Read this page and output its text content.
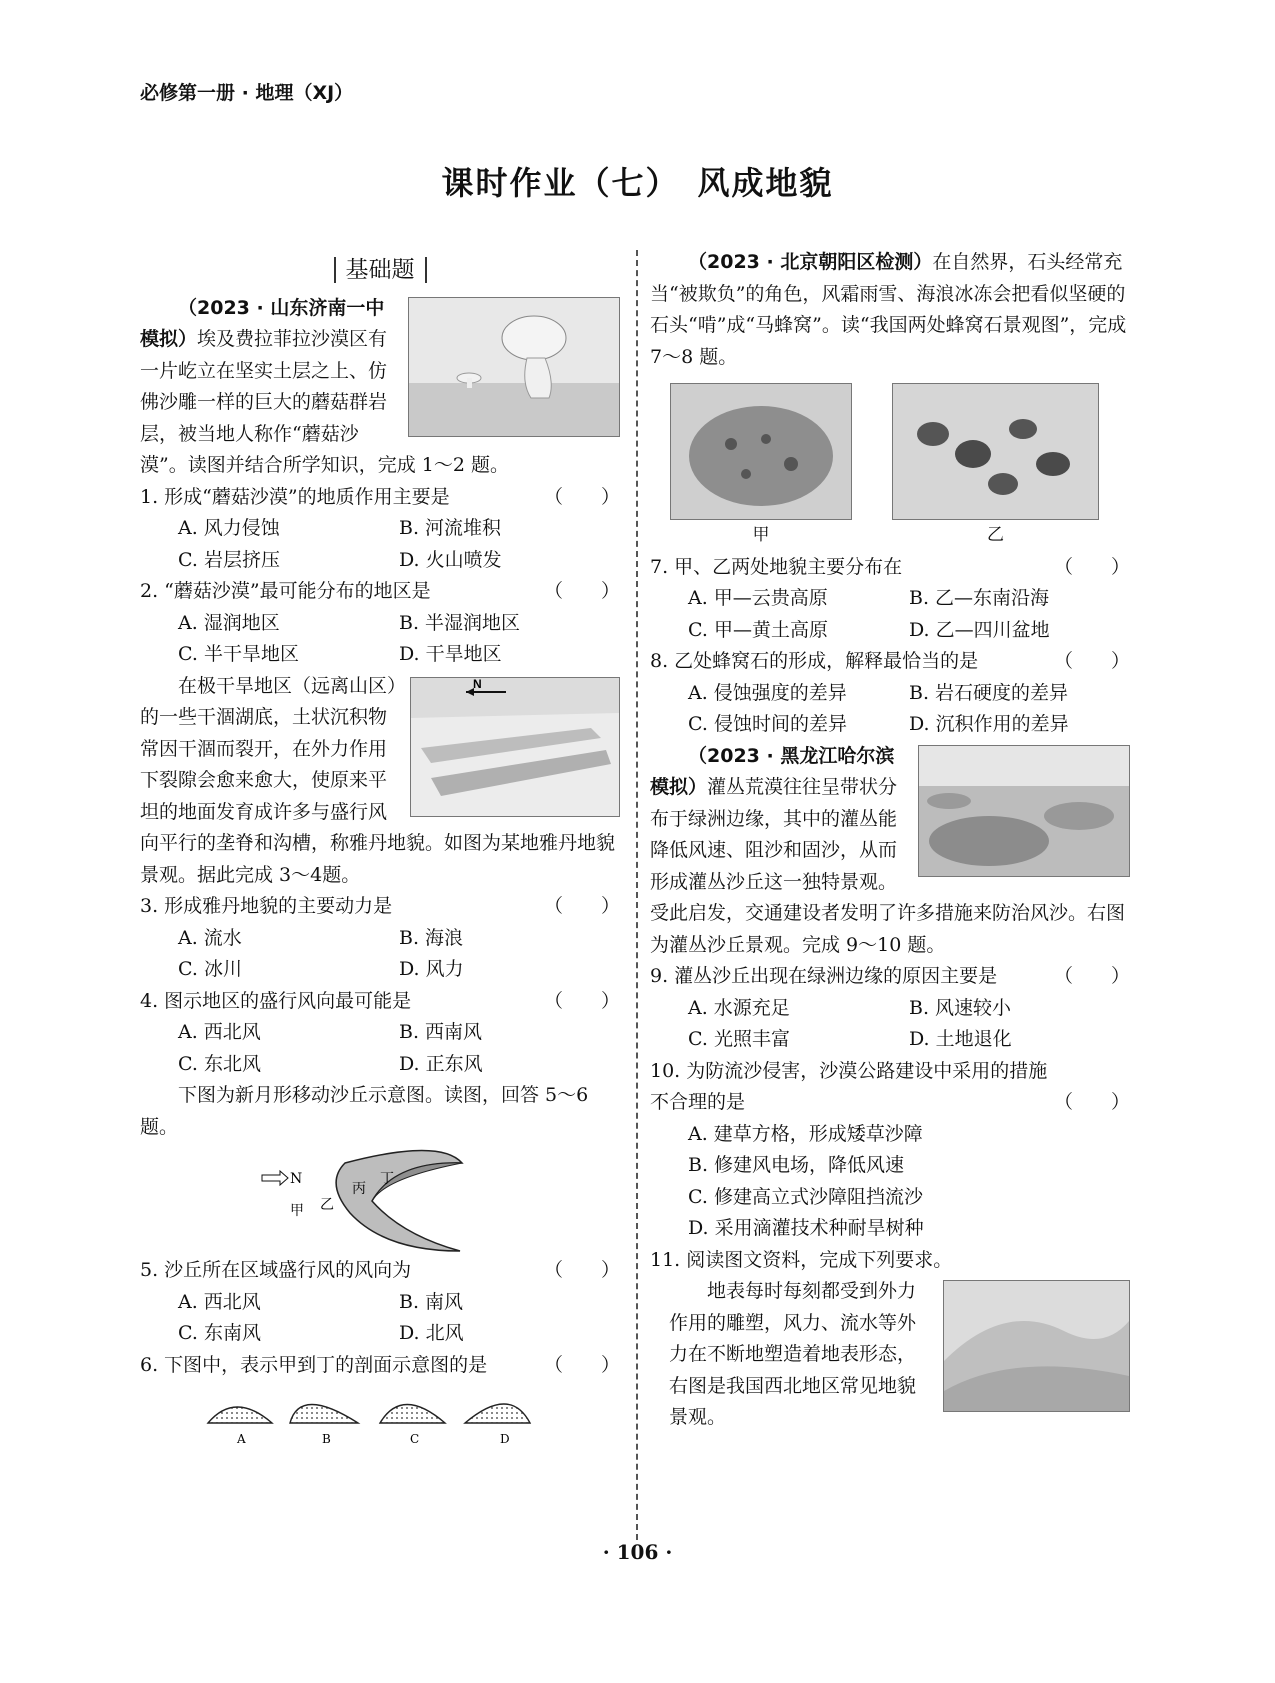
必修第一册 · 地理（XJ）
课时作业（七）　风成地貌
基础题

（2023 · 山东济南一中模拟）埃及费拉菲拉沙漠区有一片屹立在坚实土层之上、仿佛沙雕一样的巨大的蘑菇群岩层，被当地人称作“蘑菇沙漠”。读图并结合所学知识，完成 1～2 题。

1. 形成“蘑菇沙漠”的地质作用主要是	（　　）
A. 风力侵蚀	B. 河流堆积
C. 岩层挤压	D. 火山喷发
2. “蘑菇沙漠”最可能分布的地区是	（　　）
A. 湿润地区	B. 半湿润地区
C. 半干旱地区	D. 干旱地区
N

在极干旱地区（远离山区）的一些干涸湖底，土状沉积物常因干涸而裂开，在外力作用下裂隙会愈来愈大，使原来平坦的地面发育成许多与盛行风向平行的垄脊和沟槽，称雅丹地貌。如图为某地雅丹地貌景观。据此完成 3～4题。

3. 形成雅丹地貌的主要动力是	（　　）
A. 流水	B. 海浪
C. 冰川	D. 风力
4. 图示地区的盛行风向最可能是	（　　）
A. 西北风	B. 西南风
C. 东北风	D. 正东风

下图为新月形移动沙丘示意图。读图，回答 5～6题。

N
甲 乙
丙
丁
5. 沙丘所在区域盛行风的风向为	（　　）
A. 西北风	B. 南风
C. 东南风	D. 北风
6. 下图中，表示甲到丁的剖面示意图的是	（　　）
A	B	C	D

（2023 · 北京朝阳区检测）在自然界，石头经常充当“被欺负”的角色，风霜雨雪、海浪冰冻会把看似坚硬的石头“啃”成“马蜂窝”。读“我国两处蜂窝石景观图”，完成 7～8 题。

甲	乙
7. 甲、乙两处地貌主要分布在	（　　）
A. 甲—云贵高原	B. 乙—东南沿海
C. 甲—黄土高原	D. 乙—四川盆地
8. 乙处蜂窝石的形成，解释最恰当的是	（　　）
A. 侵蚀强度的差异	B. 岩石硬度的差异
C. 侵蚀时间的差异	D. 沉积作用的差异

（2023 · 黑龙江哈尔滨模拟）灌丛荒漠往往呈带状分布于绿洲边缘，其中的灌丛能降低风速、阻沙和固沙，从而形成灌丛沙丘这一独特景观。受此启发，交通建设者发明了许多措施来防治风沙。右图为灌丛沙丘景观。完成 9～10 题。

9. 灌丛沙丘出现在绿洲边缘的原因主要是	（　　）
A. 水源充足	B. 风速较小
C. 光照丰富	D. 土地退化
10. 为防流沙侵害，沙漠公路建设中采用的措施不合理的是	（　　）
A. 建草方格，形成矮草沙障
B. 修建风电场，降低风速
C. 修建高立式沙障阻挡流沙
D. 采用滴灌技术种耐旱树种
11. 阅读图文资料，完成下列要求。

地表每时每刻都受到外力作用的雕塑，风力、流水等外力在不断地塑造着地表形态，右图是我国西北地区常见地貌景观。

· 106 ·
